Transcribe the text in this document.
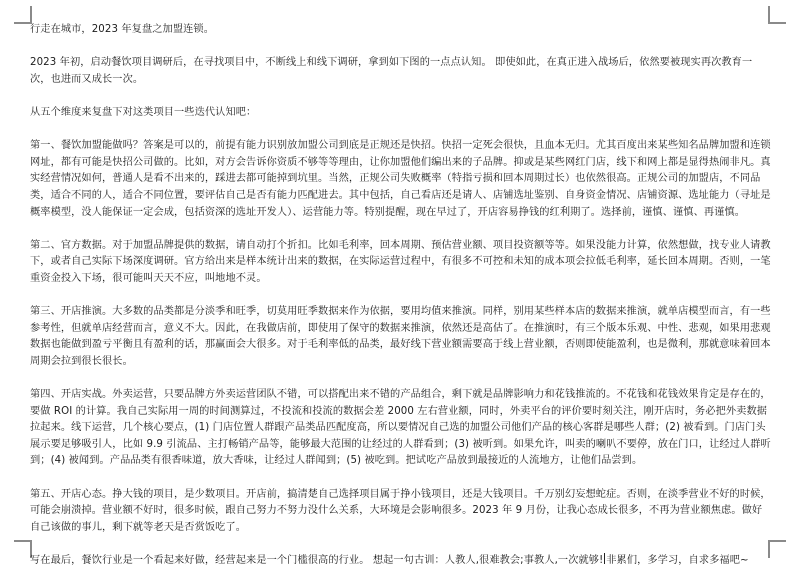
行走在城市，2023 年复盘之加盟连锁。

2023 年初，启动餐饮项目调研后，在寻找项目中，不断线上和线下调研，拿到如下图的一点点认知。 即使如此，在真正进入战场后，依然要被现实再次教育一次，也进而又成长一次。

从五个维度来复盘下对这类项目一些迭代认知吧：

第一、餐饮加盟能做吗？答案是可以的，前提有能力识别放加盟公司到底是正规还是快招。快招一定死会很快，且血本无归。尤其百度出来某些知名品牌加盟和连锁网址，都有可能是快招公司做的。比如，对方会告诉你资质不够等等理由，让你加盟他们编出来的子品牌。抑或是某些网红门店，线下和网上都是显得热闹非凡。真实经营情况如何，普通人是看不出来的，踩进去都可能掉到坑里。当然，正规公司失败概率（特指亏损和回本周期过长）也依然很高。正规公司的加盟店，不同品类，适合不同的人，适合不同位置，要评估自己是否有能力匹配进去。其中包括，自己看店还是请人、店铺选址鉴别、自身资金情况、店铺资源、选址能力（寻址是概率模型，没人能保证一定会成，包括资深的选址开发人）、运营能力等。特别提醒，现在早过了，开店容易挣钱的红利期了。选择前，谨慎、谨慎、再谨慎。

第二、官方数据。对于加盟品牌提供的数据，请自动打个折扣。比如毛利率，回本周期、预估营业额、项目投资额等等。如果没能力计算，依然想做，找专业人请教下，或者自己实际下场深度调研。官方给出来是样本统计出来的数据，在实际运营过程中，有很多不可控和未知的成本项会拉低毛利率，延长回本周期。否则，一笔重资金投入下场，很可能叫天天不应，叫地地不灵。

第三、开店推演。大多数的品类都是分淡季和旺季，切莫用旺季数据来作为依据，要用均值来推演。同样，别用某些样本店的数据来推演，就单店模型而言，有一些参考性，但就单店经营而言，意义不大。因此，在我做店前，即使用了保守的数据来推演，依然还是高估了。在推演时，有三个版本乐观、中性、悲观，如果用悲观数据也能做到盈亏平衡且有盈利的话，那赢面会大很多。对于毛利率低的品类，最好线下营业额需要高于线上营业额，否则即使能盈利，也是微利，那就意味着回本周期会拉到很长很长。

第四、开店实战。外卖运营，只要品牌方外卖运营团队不错，可以搭配出来不错的产品组合，剩下就是品牌影响力和花钱推流的。不花钱和花钱效果肯定是存在的，要做 ROI 的计算。我自己实际用一周的时间测算过，不投流和投流的数据会差 2000 左右营业额，同时，外卖平台的评价要时刻关注，刚开店时，务必把外卖数据拉起来。线下运营，几个核心要点，(1) 门店位置人群跟产品类品匹配度高，所以要情况自己选的加盟公司他们产品的核心客群是哪些人群；(2) 被看到。门店门头展示要足够吸引人，比如 9.9 引流品、主打畅销产品等，能够最大范围的让经过的人群看到；(3) 被听到。如果允许，叫卖的喇叭不要停，放在门口，让经过人群听到；(4) 被闻到。产品品类有很香味道，放大香味，让经过人群闻到；(5) 被吃到。把试吃产品放到最接近的人流地方，让他们品尝到。

第五、开店心态。挣大钱的项目，是少数项目。开店前，搞清楚自己选择项目属于挣小钱项目，还是大钱项目。千万别幻妄想蛇症。否则，在淡季营业不好的时候，可能会崩溃掉。营业额不好时，很多时候，跟自己努力不努力没什么关系，大环境是会影响很多。2023 年 9 月份，让我心态成长很多，不再为营业额焦虑。做好自己该做的事儿，剩下就等老天是否赏饭吃了。

写在最后，餐饮行业是一个看起来好做，经营起来是一个门槛很高的行业。 想起一句古训：人教人,很难教会;事教人,一次就够! 非累们，多学习，自求多福吧~
